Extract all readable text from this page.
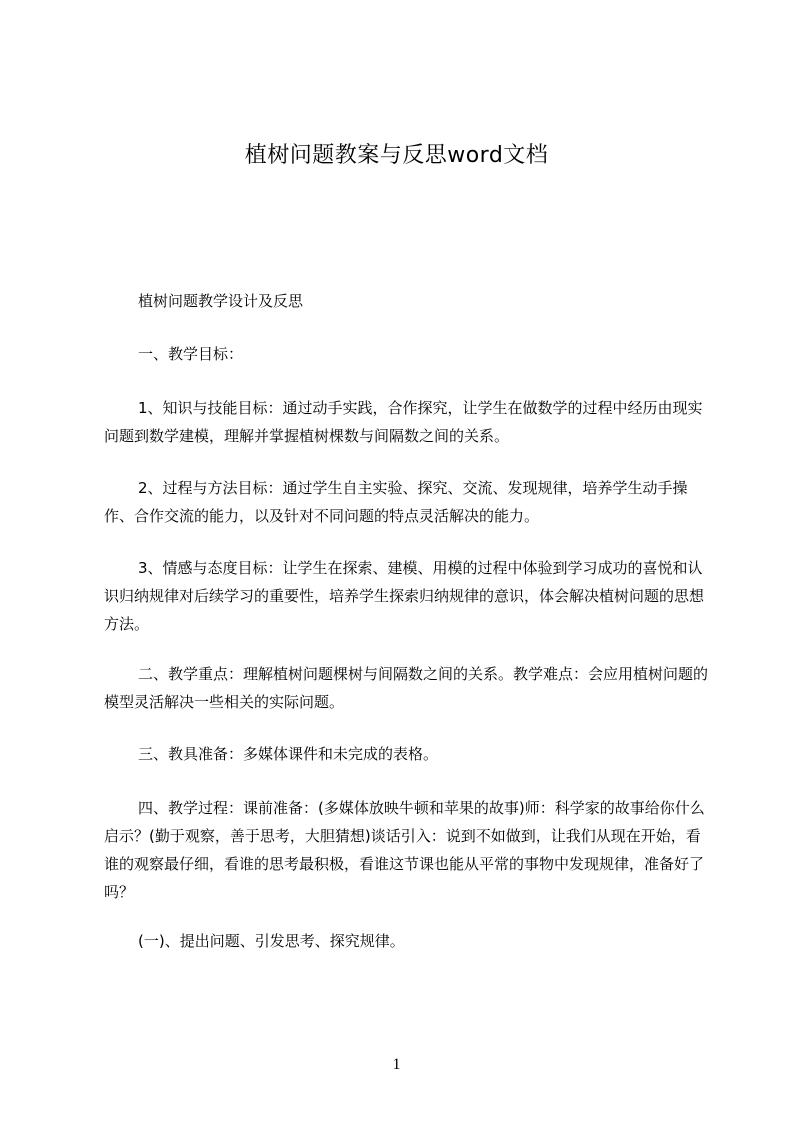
植树问题教案与反思word文档

植树问题教学设计及反思

一、教学目标：

1、知识与技能目标：通过动手实践，合作探究，让学生在做数学的过程中经历由现实问题到数学建模，理解并掌握植树棵数与间隔数之间的关系。

2、过程与方法目标：通过学生自主实验、探究、交流、发现规律，培养学生动手操作、合作交流的能力，以及针对不同问题的特点灵活解决的能力。

3、情感与态度目标：让学生在探索、建模、用模的过程中体验到学习成功的喜悦和认识归纳规律对后续学习的重要性，培养学生探索归纳规律的意识，体会解决植树问题的思想方法。

二、教学重点：理解植树问题棵树与间隔数之间的关系。教学难点：会应用植树问题的模型灵活解决一些相关的实际问题。

三、教具准备：多媒体课件和未完成的表格。

四、教学过程：课前准备：(多媒体放映牛顿和苹果的故事)师：科学家的故事给你什么启示？(勤于观察，善于思考，大胆猜想)谈话引入：说到不如做到，让我们从现在开始，看谁的观察最仔细，看谁的思考最积极，看谁这节课也能从平常的事物中发现规律，准备好了吗？

(一)、提出问题、引发思考、探究规律。

1
